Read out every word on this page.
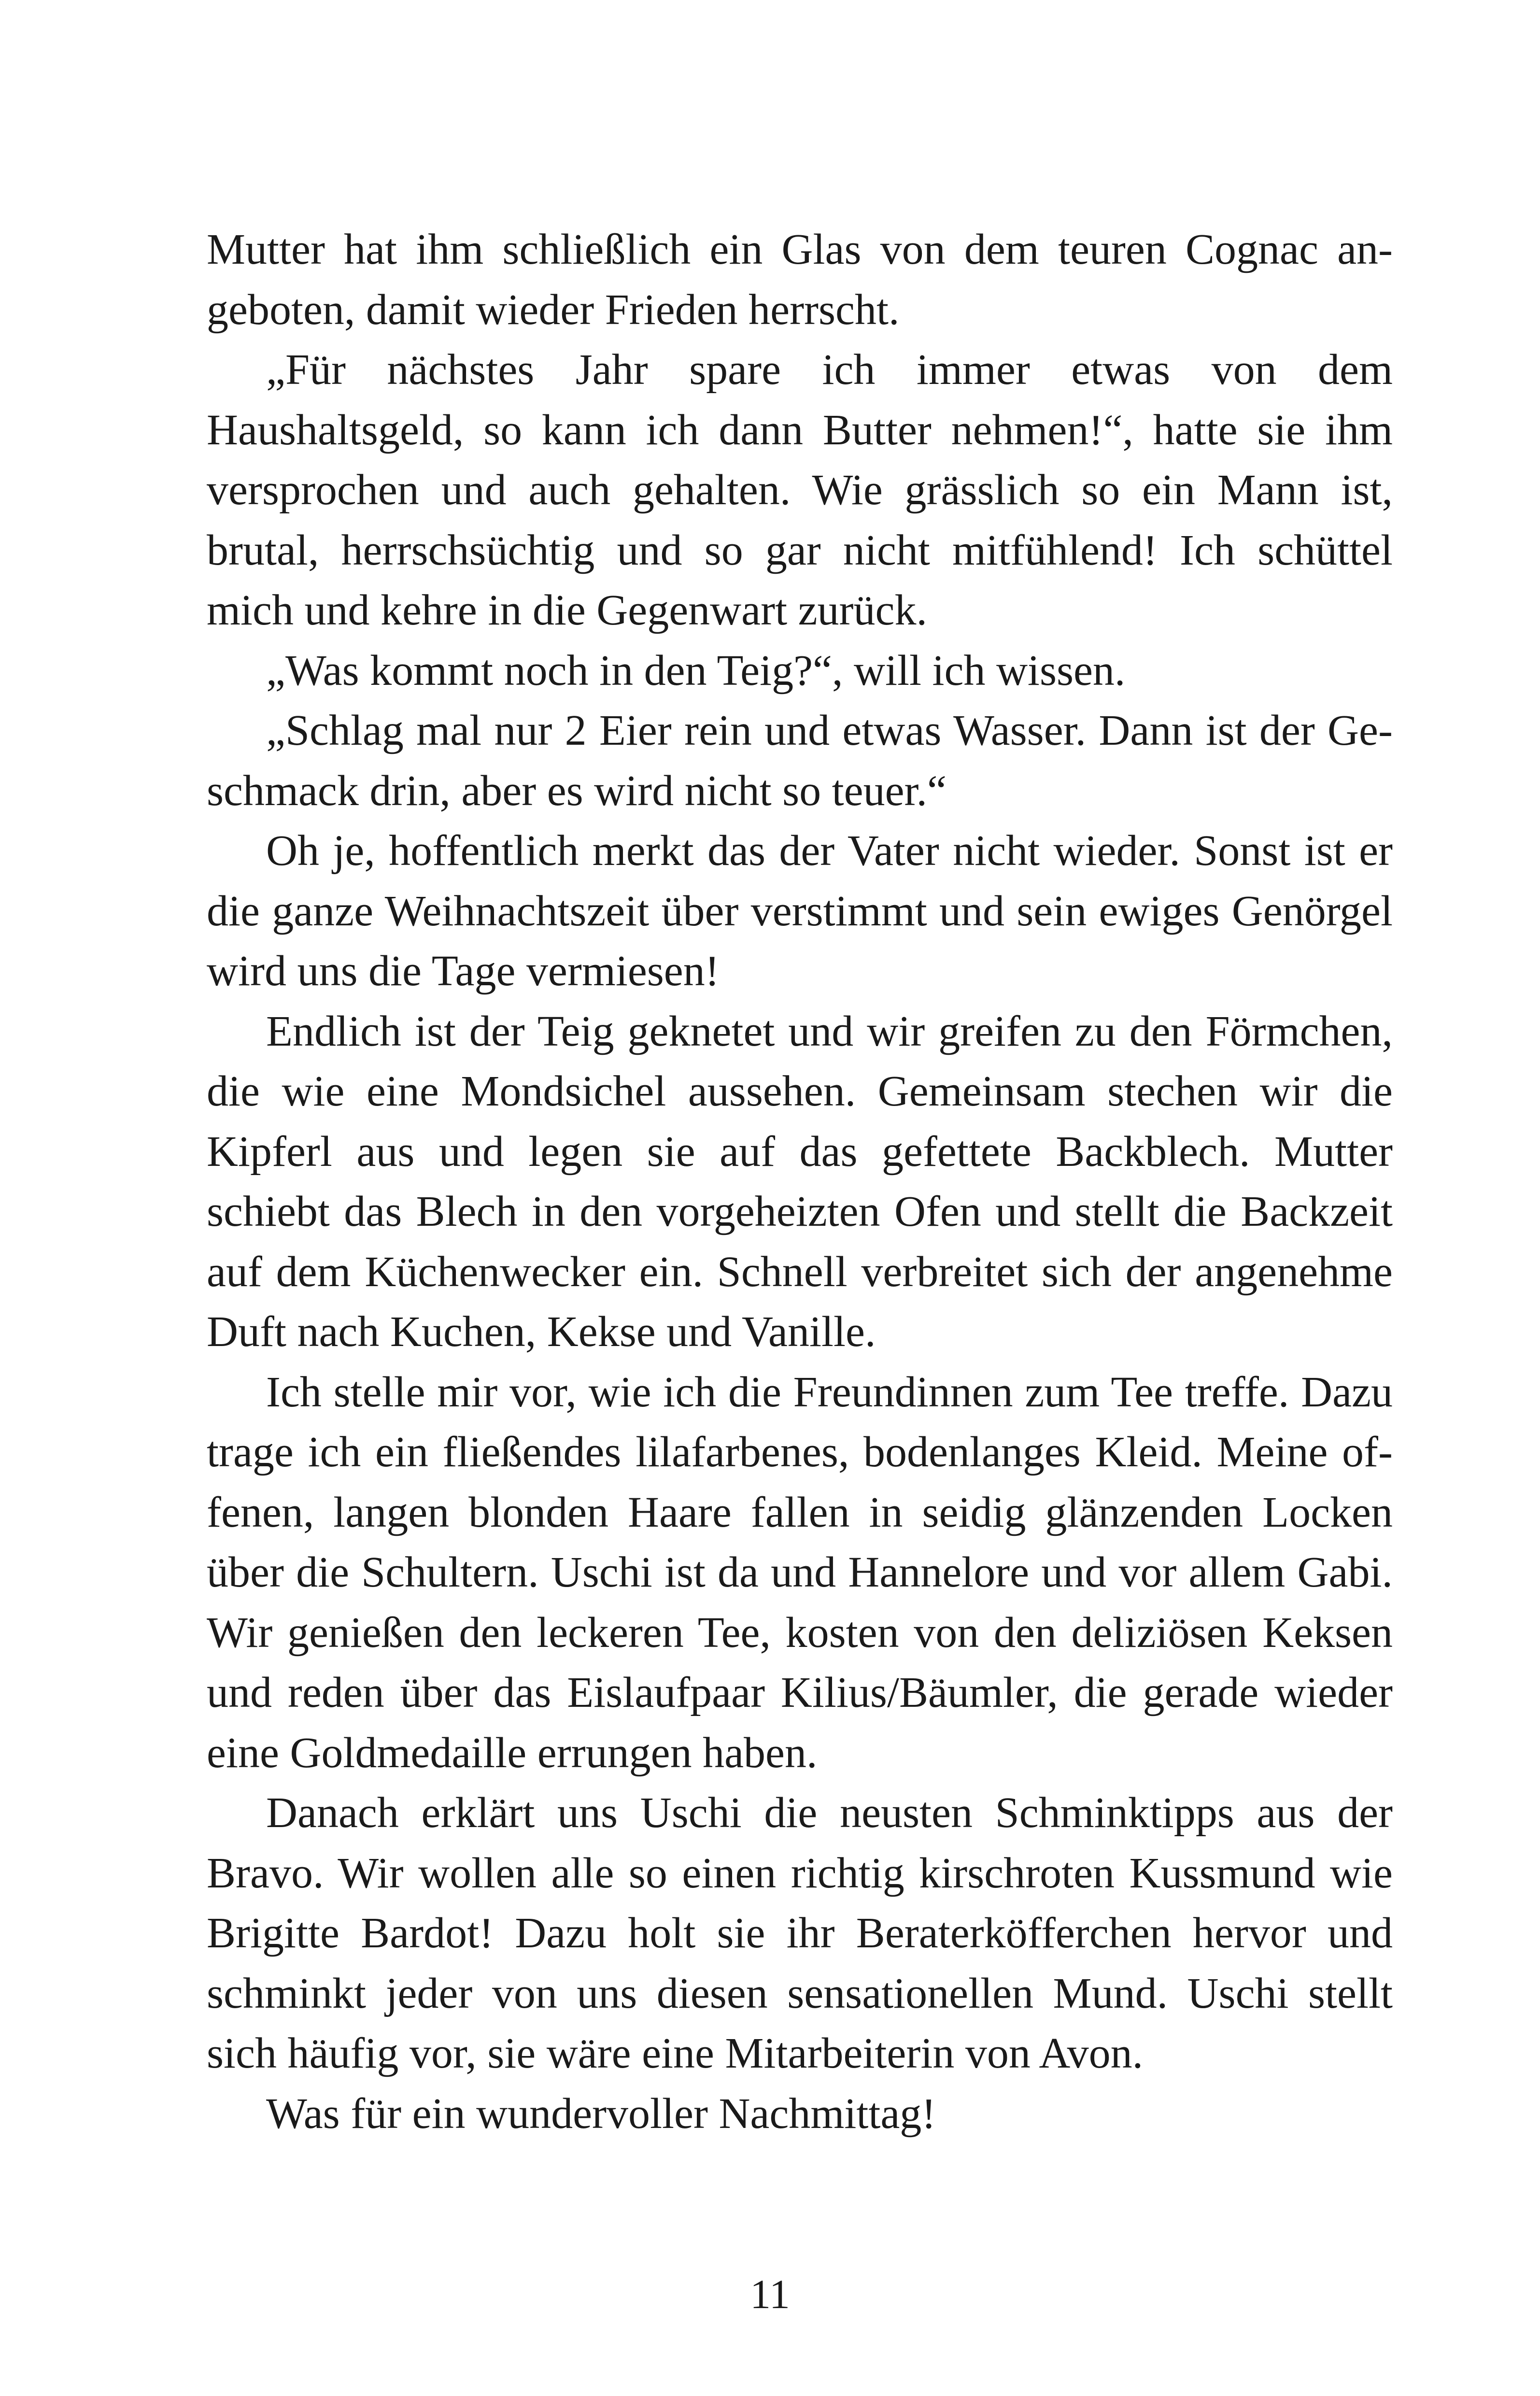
Mutter hat ihm schließlich ein Glas von dem teuren Cognac angeboten, damit wieder Frieden herrscht.

„Für nächstes Jahr spare ich immer etwas von dem Haushaltsgeld, so kann ich dann Butter nehmen!“, hatte sie ihm versprochen und auch gehalten. Wie grässlich so ein Mann ist, brutal, herrschsüchtig und so gar nicht mitfühlend! Ich schüttel mich und kehre in die Gegenwart zurück.

„Was kommt noch in den Teig?“, will ich wissen.

„Schlag mal nur 2 Eier rein und etwas Wasser. Dann ist der Geschmack drin, aber es wird nicht so teuer.“

Oh je, hoffentlich merkt das der Vater nicht wieder. Sonst ist er die ganze Weihnachtszeit über verstimmt und sein ewiges Genörgel wird uns die Tage vermiesen!

Endlich ist der Teig geknetet und wir greifen zu den Förmchen, die wie eine Mondsichel aussehen. Gemeinsam stechen wir die Kipferl aus und legen sie auf das gefettete Backblech. Mutter schiebt das Blech in den vorgeheizten Ofen und stellt die Backzeit auf dem Küchenwecker ein. Schnell verbreitet sich der angenehme Duft nach Kuchen, Kekse und Vanille.

Ich stelle mir vor, wie ich die Freundinnen zum Tee treffe. Dazu trage ich ein fließendes lilafarbenes, bodenlanges Kleid. Meine offenen, langen blonden Haare fallen in seidig glänzenden Locken über die Schultern. Uschi ist da und Hannelore und vor allem Gabi. Wir genießen den leckeren Tee, kosten von den deliziösen Keksen und reden über das Eislaufpaar Kilius/Bäumler, die gerade wieder eine Goldmedaille errungen haben.

Danach erklärt uns Uschi die neusten Schminktipps aus der Bravo. Wir wollen alle so einen richtig kirschroten Kussmund wie Brigitte Bardot! Dazu holt sie ihr Beraterköfferchen hervor und schminkt jeder von uns diesen sensationellen Mund. Uschi stellt sich häufig vor, sie wäre eine Mitarbeiterin von Avon.

Was für ein wundervoller Nachmittag!

11
